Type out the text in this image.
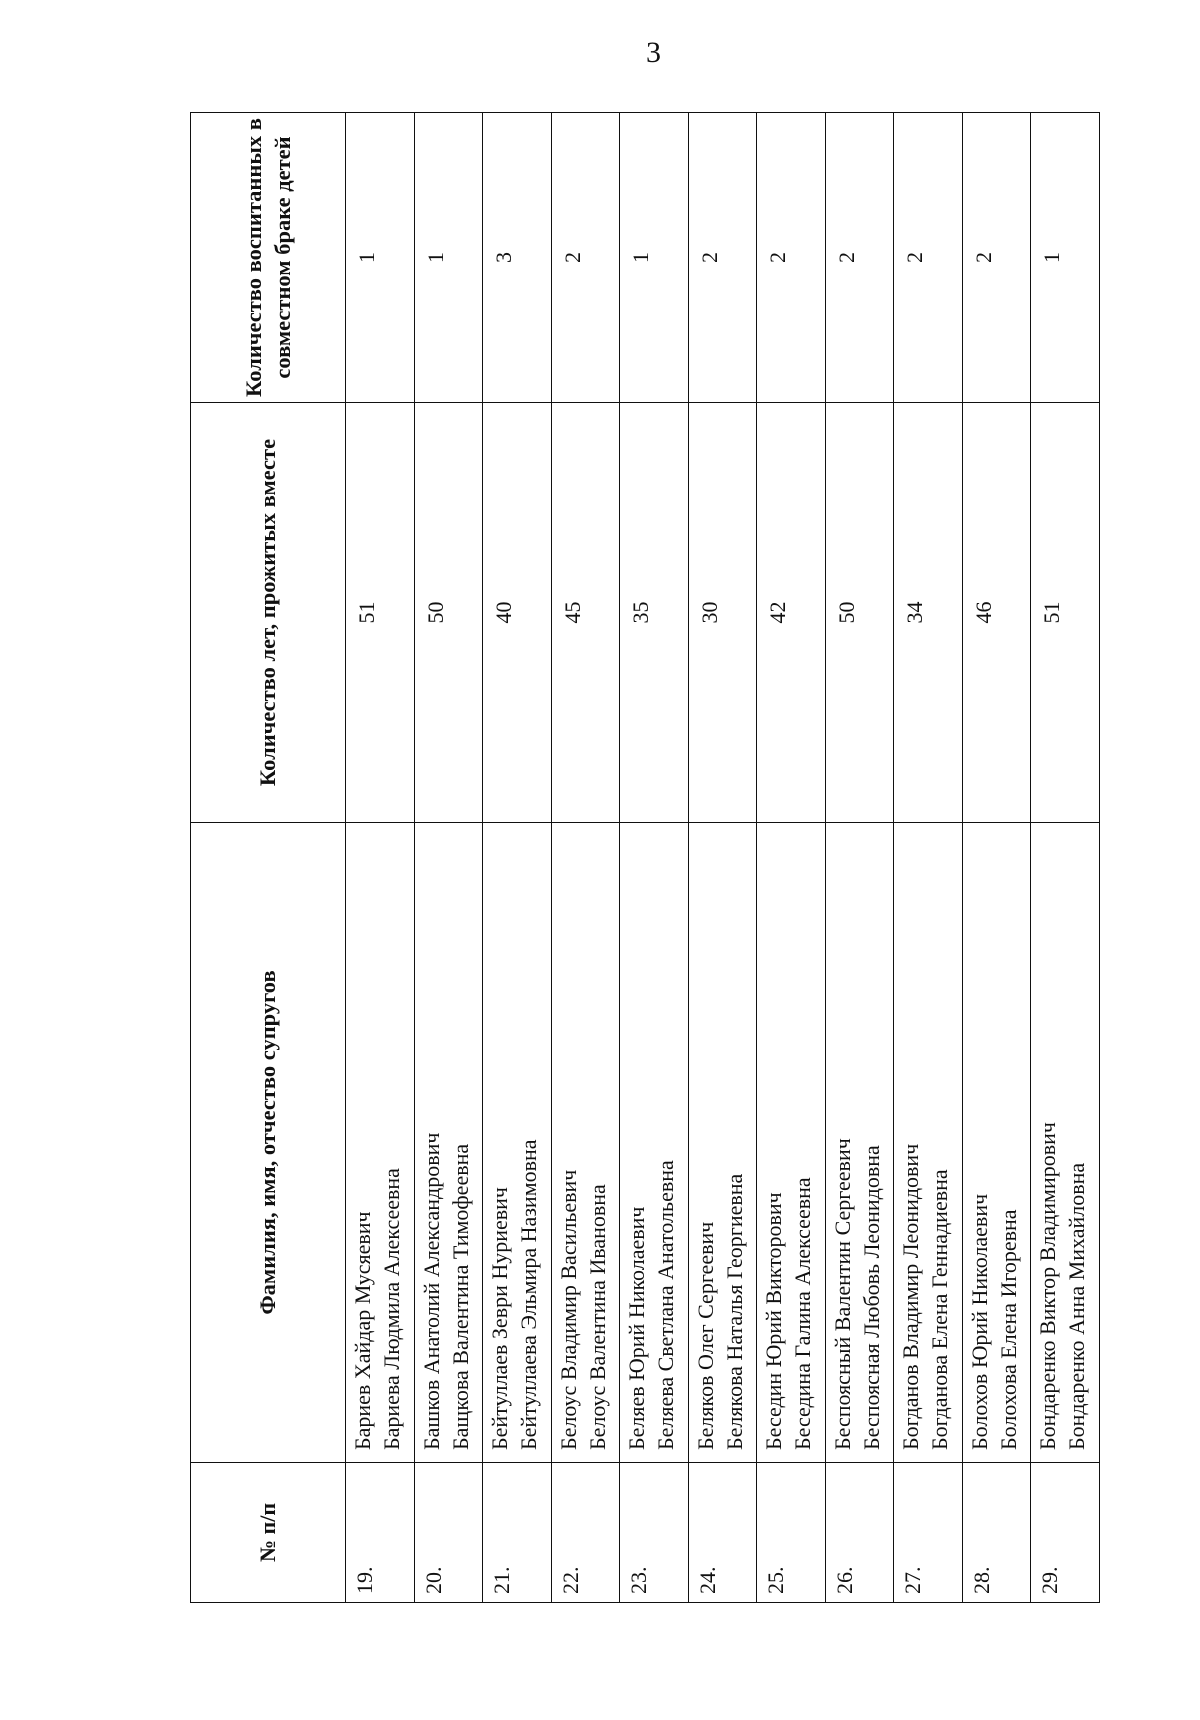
3
№ п/п	Фамилия, имя, отчество супругов	Количество лет, прожитых вместе	Количество воспитанных в совместном браке детей
19.	Бариев Хайдар Мусяевич Бариева Людмила Алексеевна	51	1
20.	Башков Анатолий Александрович Бащкова Валентина Тимофеевна	50	1
21.	Бейтуллаев Зеври Нуриевич Бейтуллаева Эльмира Назимовна	40	3
22.	Белоус Владимир Васильевич Белоус Валентина Ивановна	45	2
23.	Беляев Юрий Николаевич Беляева Светлана Анатольевна	35	1
24.	Беляков Олег Сергеевич Белякова Наталья Георгиевна	30	2
25.	Беседин Юрий Викторович Беседина Галина Алексеевна	42	2
26.	Беспоясный Валентин Сергеевич Беспоясная Любовь Леонидовна	50	2
27.	Богданов Владимир Леонидович Богданова Елена Геннадиевна	34	2
28.	Болохов Юрий Николаевич Болохова Елена Игоревна	46	2
29.	Бондаренко Виктор Владимирович Бондаренко Анна Михайловна	51	1
